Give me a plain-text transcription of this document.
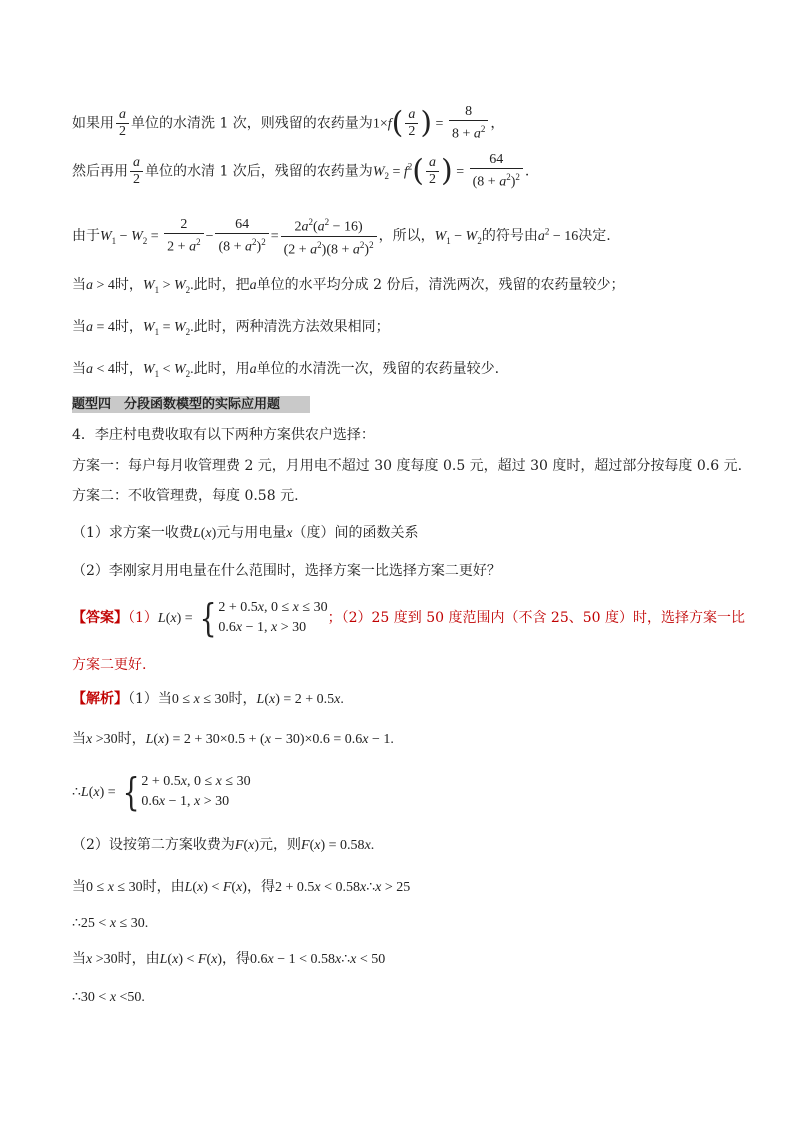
如果用 $\frac{a}{2}$ 单位的水清洗 1 次，则残留的农药量为$1\times f( \frac{a}{2}$ ) = $\frac{8}{8 + a^2}$ ，
然后再用 $\frac{a}{2}$ 单位的水清 1 次后，残留的农药量为$W_2 = f^2( \frac{a}{2}$ ) = $\frac{64}{(8 + a^2)^2}$ .
由于$W_1 - W_2 = \frac{2}{2 + a^2} - \frac{64}{(8 + a^2)^2} = \frac{2a^2(a^2 - 16)}{(2 + a^2)(8 + a^2)^2}$ ，所以，$W_1 - W_2$的符号由$a^2 - 16$决定.
当a > 4时，$W_1 > W_2$.此时，把a单位的水平均分成 2 份后，清洗两次，残留的农药量较少；
当a = 4时，$W_1 = W_2$.此时，两种清洗方法效果相同；
当a < 4时，$W_1 < W_2$.此时，用a单位的水清洗一次，残留的农药量较少.
题型四　分段函数模型的实际应用题
4．李庄村电费收取有以下两种方案供农户选择：
方案一：每户每月收管理费 2 元，月用电不超过 30 度每度 0.5 元，超过 30 度时，超过部分按每度 0.6 元.
方案二：不收管理费，每度 0.58 元.
（1）求方案一收费L(x)元与用电量x（度）间的函数关系
（2）李刚家月用电量在什么范围时，选择方案一比选择方案二更好？
【答案】（1）L(x) = { 2 + 0.5x, 0 ≤ x ≤ 30
0.6x − 1, x > 30
；（2）25 度到 50 度范围内（不含 25、50 度）时，选择方案一比
方案二更好.
【解析】（1）当0 ≤ x ≤ 30时，L(x) = 2 + 0.5x.
当x >30时，L(x) = 2 + 30×0.5 + (x − 30)×0.6 = 0.6x − 1.
∴L(x) = { 2 + 0.5x, 0 ≤ x ≤ 30
0.6x − 1, x > 30
（2）设按第二方案收费为F(x)元，则F(x) = 0.58x.
当0 ≤ x ≤ 30时，由L(x) < F(x)，得2 + 0.5x < 0.58x∴x > 25
∴25 < x ≤ 30.
当x >30时，由L(x) < F(x)，得0.6x − 1 < 0.58x∴x < 50
∴30 < x <50.
